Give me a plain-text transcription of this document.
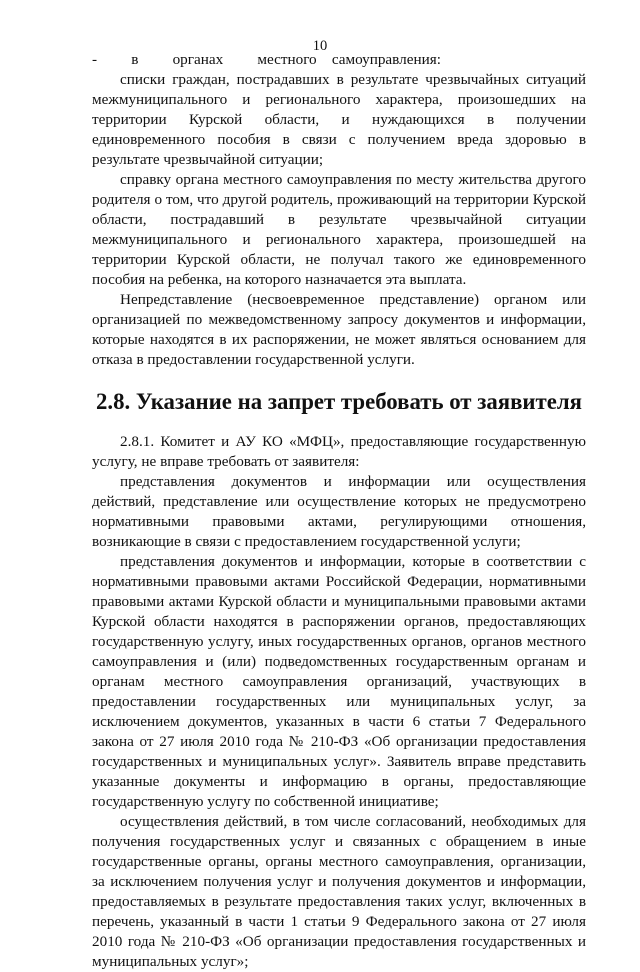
10

-         в         органах         местного    самоуправления:

списки граждан, пострадавших в результате чрезвычайных ситуаций межмуниципального и регионального характера, произошедших на территории Курской области, и нуждающихся в получении единовременного пособия в связи с получением вреда здоровью в результате чрезвычайной ситуации;

справку органа местного самоуправления по месту жительства другого родителя о том, что другой родитель, проживающий на территории Курской области, пострадавший в результате чрезвычайной ситуации межмуниципального и регионального характера, произошедшей на территории Курской области, не получал такого же единовременного пособия на ребенка, на которого назначается эта выплата.

Непредставление (несвоевременное представление) органом или организацией по межведомственному запросу документов и информации, которые находятся в их распоряжении, не может являться основанием для отказа в предоставлении государственной услуги.

2.8. Указание на запрет требовать от заявителя

2.8.1. Комитет и АУ КО «МФЦ», предоставляющие государственную услугу, не вправе требовать от заявителя:

представления документов и информации или осуществления действий, представление или осуществление которых не предусмотрено нормативными правовыми актами, регулирующими отношения, возникающие в связи с предоставлением государственной услуги;

представления документов и информации, которые в соответствии с нормативными правовыми актами Российской Федерации, нормативными правовыми актами Курской области и муниципальными правовыми актами Курской области находятся в распоряжении органов, предоставляющих государственную услугу, иных государственных органов, органов местного самоуправления и (или) подведомственных государственным органам и органам местного самоуправления организаций, участвующих в предоставлении государственных или муниципальных услуг, за исключением документов, указанных в части 6 статьи 7 Федерального закона от 27 июля 2010 года № 210-ФЗ «Об организации предоставления государственных и муниципальных услуг». Заявитель вправе представить указанные документы и информацию в органы, предоставляющие государственную услугу по собственной инициативе;

осуществления действий, в том числе согласований, необходимых для получения государственных услуг и связанных с обращением в иные государственные органы, органы местного самоуправления, организации, за исключением получения услуг и получения документов и информации, предоставляемых в результате предоставления таких услуг, включенных в перечень, указанный в части 1 статьи 9 Федерального закона от 27 июля 2010 года № 210-ФЗ «Об организации предоставления государственных и муниципальных услуг»;
